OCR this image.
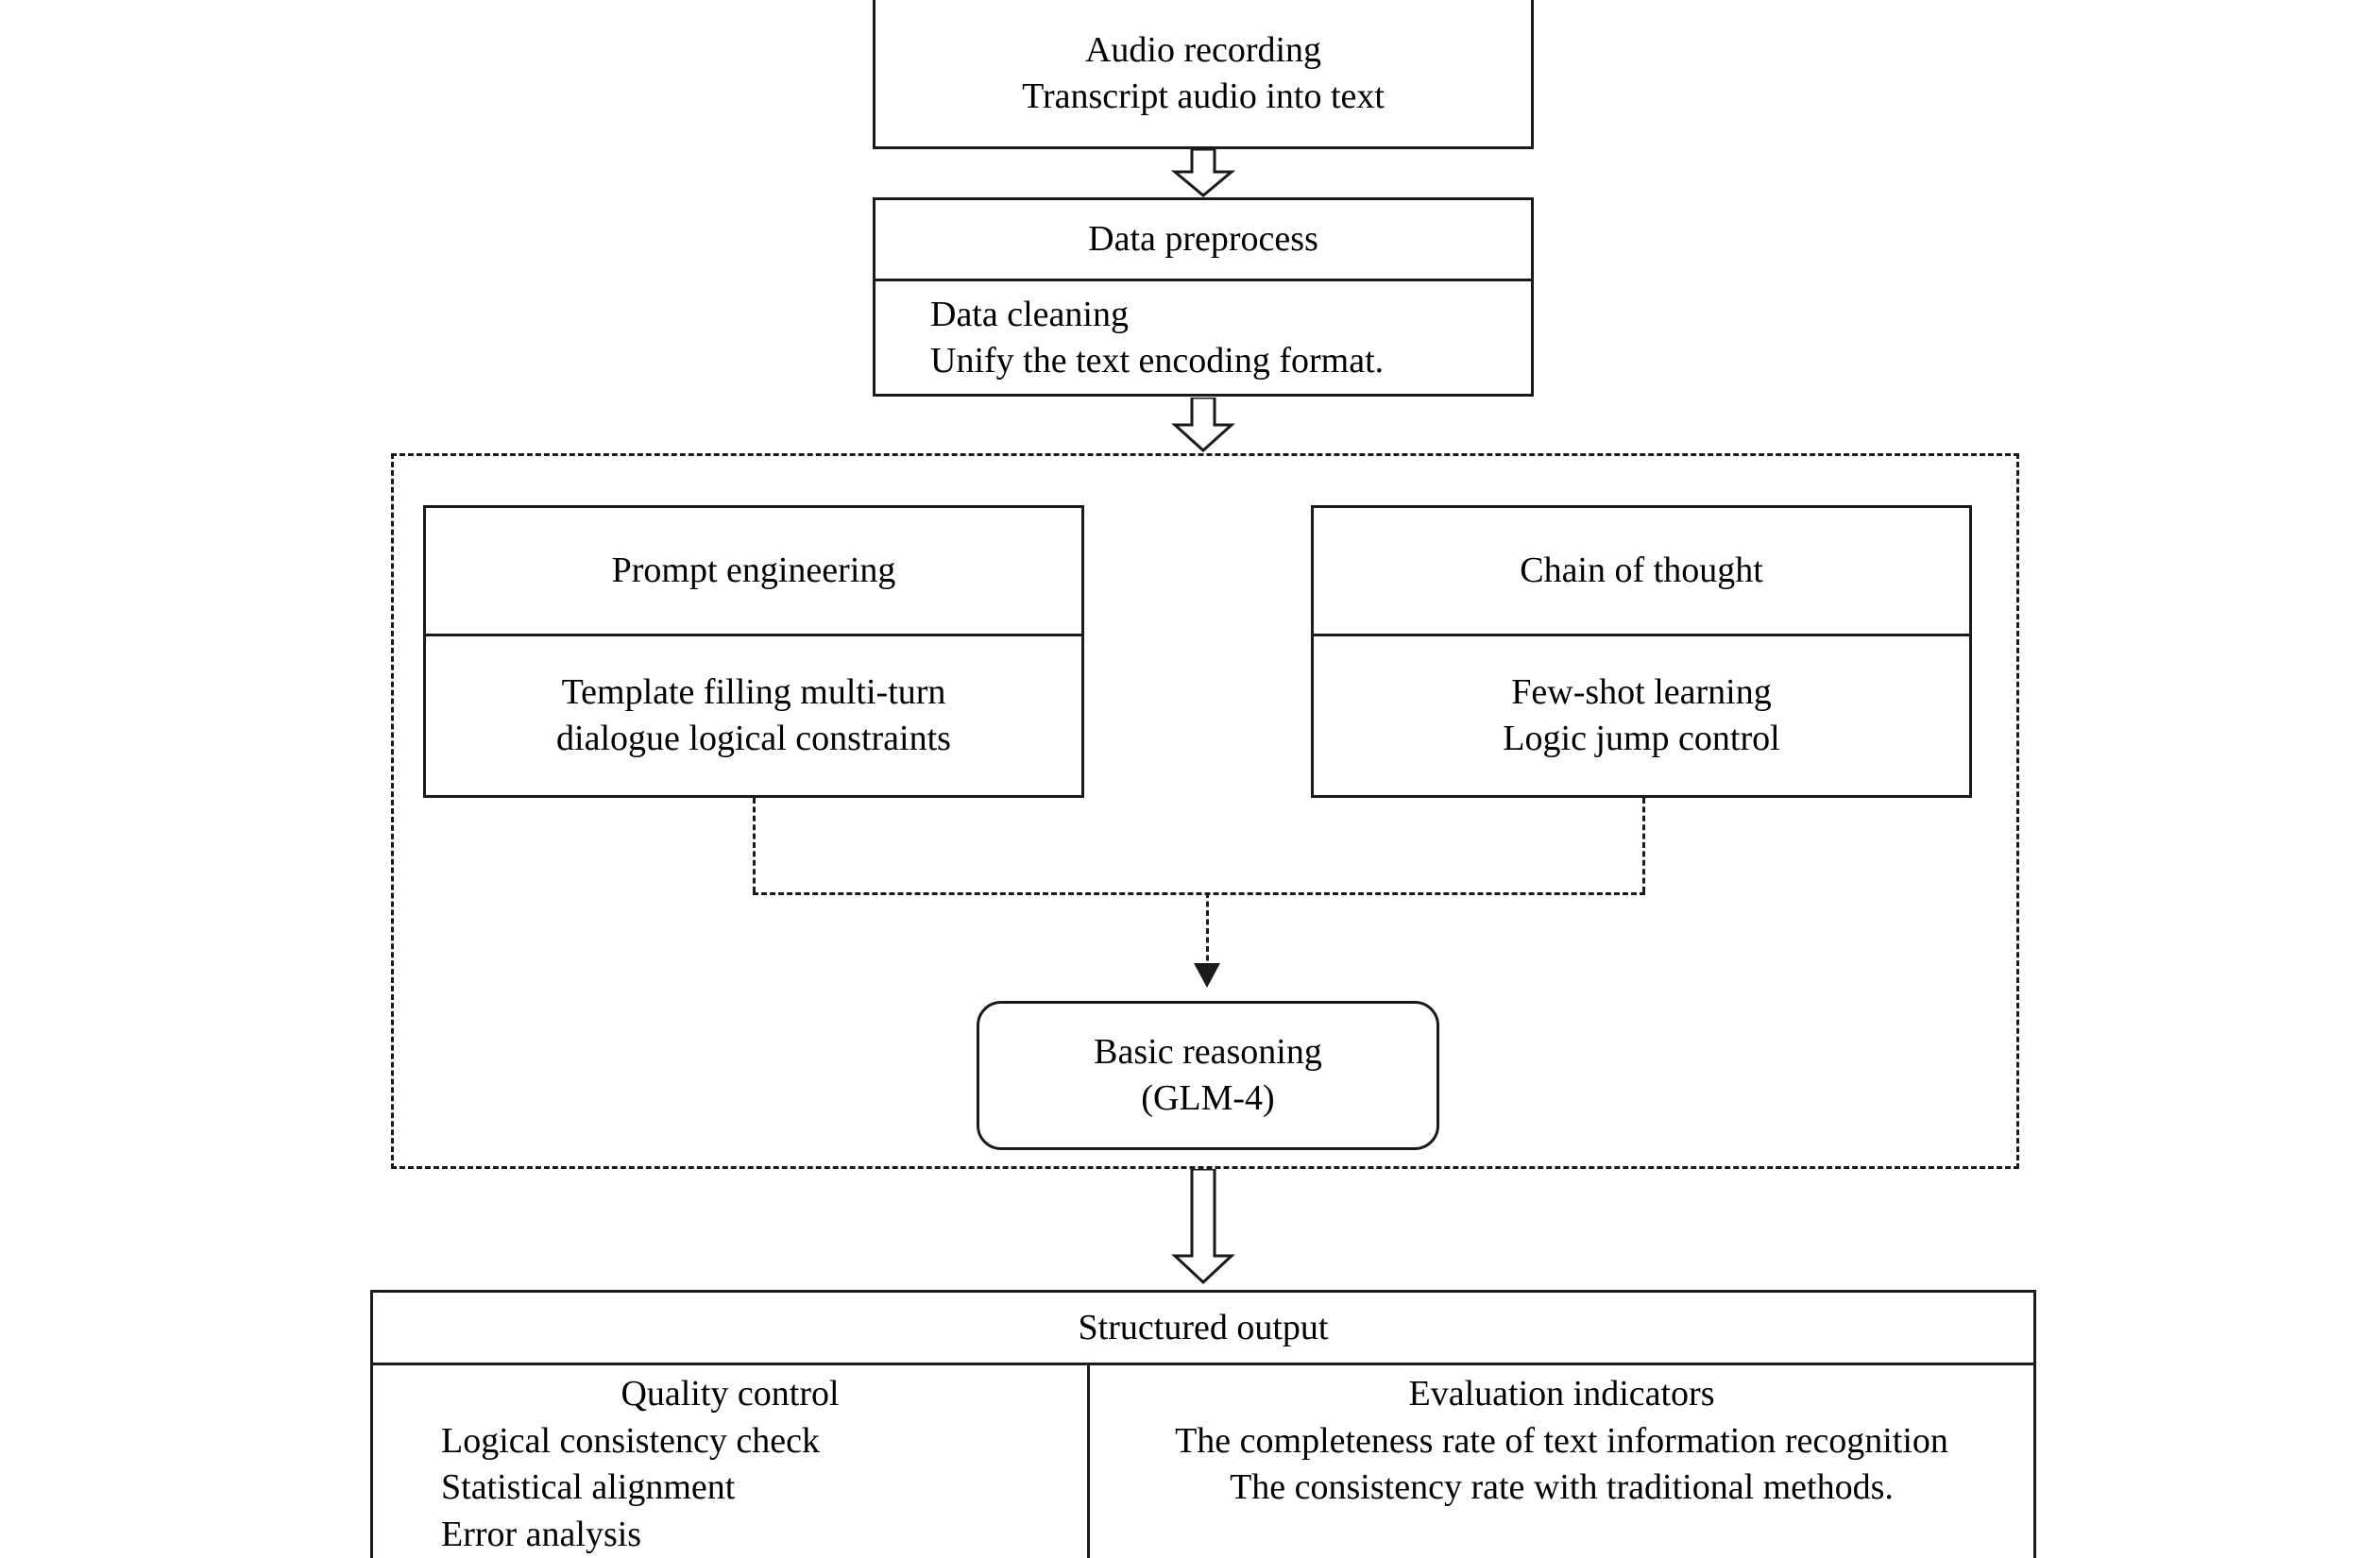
Audio recording
Transcript audio into text
Data preprocess
Data cleaning
Unify the text encoding format.
Prompt engineering
Template filling multi-turn
dialogue logical constraints
Chain of thought
Few-shot learning
Logic jump control
Basic reasoning
(GLM-4)
Structured output
Quality control
Logical consistency check
Statistical alignment
Error analysis
Evaluation indicators
The completeness rate of text information recognition
The consistency rate with traditional methods.
